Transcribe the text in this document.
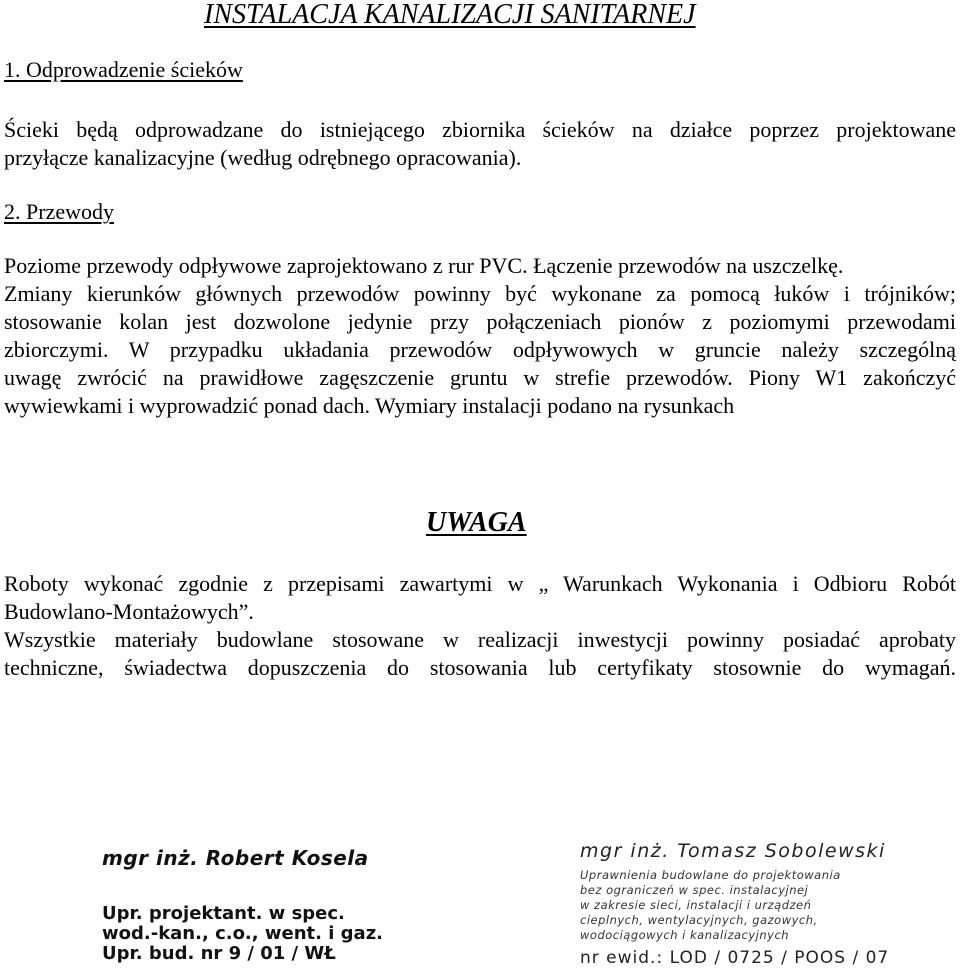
INSTALACJA KANALIZACJI SANITARNEJ
1. Odprowadzenie ścieków

Ścieki będą odprowadzane do istniejącego zbiornika ścieków na działce poprzez projektowane
przyłącze kanalizacyjne (według odrębnego opracowania).

2. Przewody

Poziome przewody odpływowe zaprojektowano z rur PVC. Łączenie przewodów na uszczelkę.
Zmiany kierunków głównych przewodów powinny być wykonane za pomocą łuków i trójników;
stosowanie kolan jest dozwolone jedynie przy połączeniach pionów z poziomymi przewodami
zbiorczymi. W przypadku układania przewodów odpływowych w gruncie należy szczególną
uwagę zwrócić na prawidłowe zagęszczenie gruntu w strefie przewodów. Piony W1 zakończyć
wywiewkami i wyprowadzić ponad dach. Wymiary instalacji podano na rysunkach

UWAGA

Roboty wykonać zgodnie z przepisami zawartymi w „ Warunkach Wykonania i Odbioru Robót
Budowlano-Montażowych”.
Wszystkie materiały budowlane stosowane w realizacji inwestycji powinny posiadać aprobaty
techniczne, świadectwa dopuszczenia do stosowania lub certyfikaty stosownie do wymagań.

mgr inż. Robert Kosela
Upr. projektant. w spec.
wod.-kan., c.o., went. i gaz.
Upr. bud. nr 9 / 01 / WŁ
mgr inż. Tomasz Sobolewski
Uprawnienia budowlane do projektowania
bez ograniczeń w spec. instalacyjnej
w zakresie sieci, instalacji i urządzeń
cieplnych, wentylacyjnych, gazowych,
wodociągowych i kanalizacyjnych
nr ewid.: LOD / 0725 / POOS / 07
